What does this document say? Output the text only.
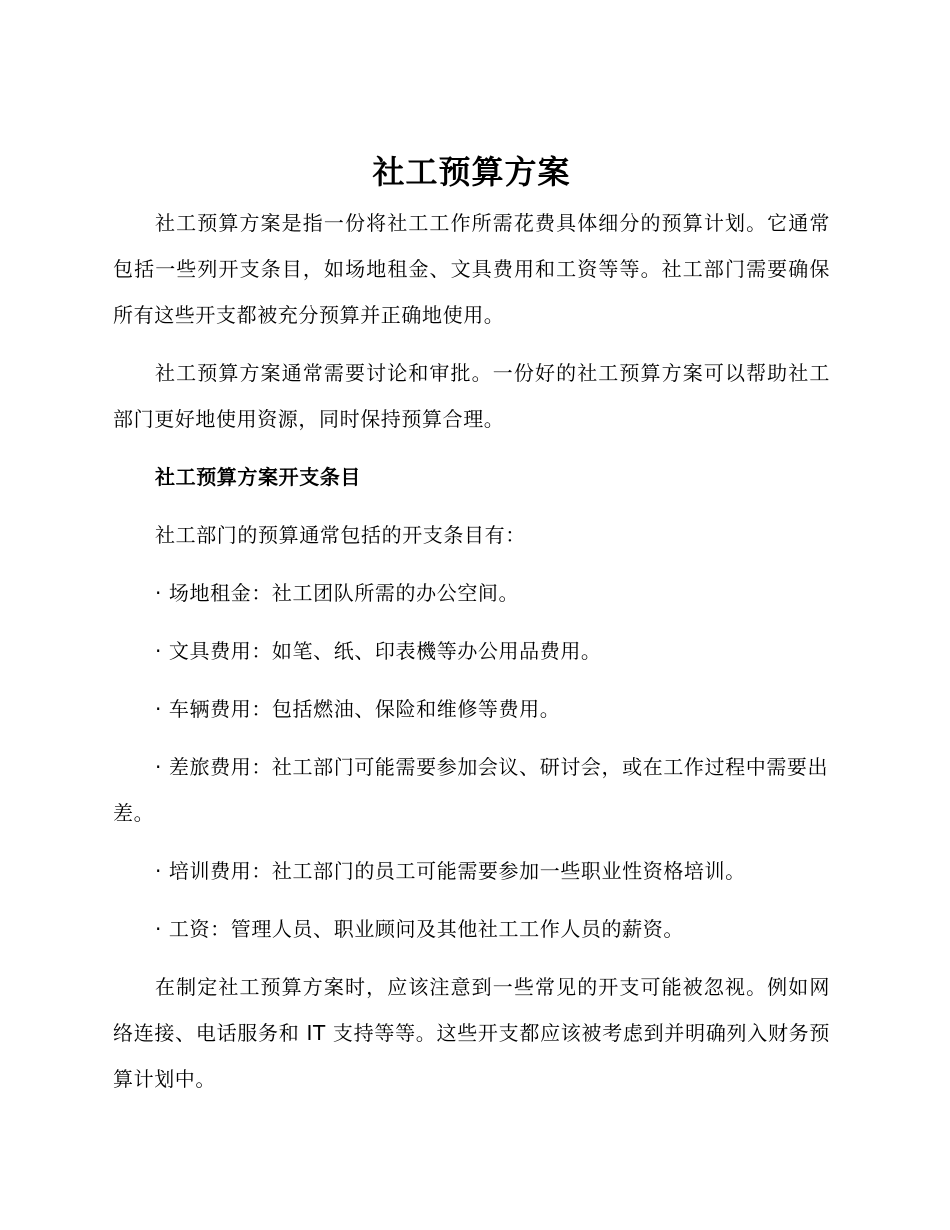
社工预算方案

社工预算方案是指一份将社工工作所需花费具体细分的预算计划。它通常包括一些列开支条目，如场地租金、文具费用和工资等等。社工部门需要确保所有这些开支都被充分预算并正确地使用。

社工预算方案通常需要讨论和审批。一份好的社工预算方案可以帮助社工部门更好地使用资源，同时保持预算合理。

社工预算方案开支条目

社工部门的预算通常包括的开支条目有：

· 场地租金：社工团队所需的办公空间。

· 文具费用：如笔、纸、印表機等办公用品费用。

· 车辆费用：包括燃油、保险和维修等费用。

· 差旅费用：社工部门可能需要参加会议、研讨会，或在工作过程中需要出差。

· 培训费用：社工部门的员工可能需要参加一些职业性资格培训。

· 工资：管理人员、职业顾问及其他社工工作人员的薪资。

在制定社工预算方案时，应该注意到一些常见的开支可能被忽视。例如网络连接、电话服务和 IT 支持等等。这些开支都应该被考虑到并明确列入财务预算计划中。
